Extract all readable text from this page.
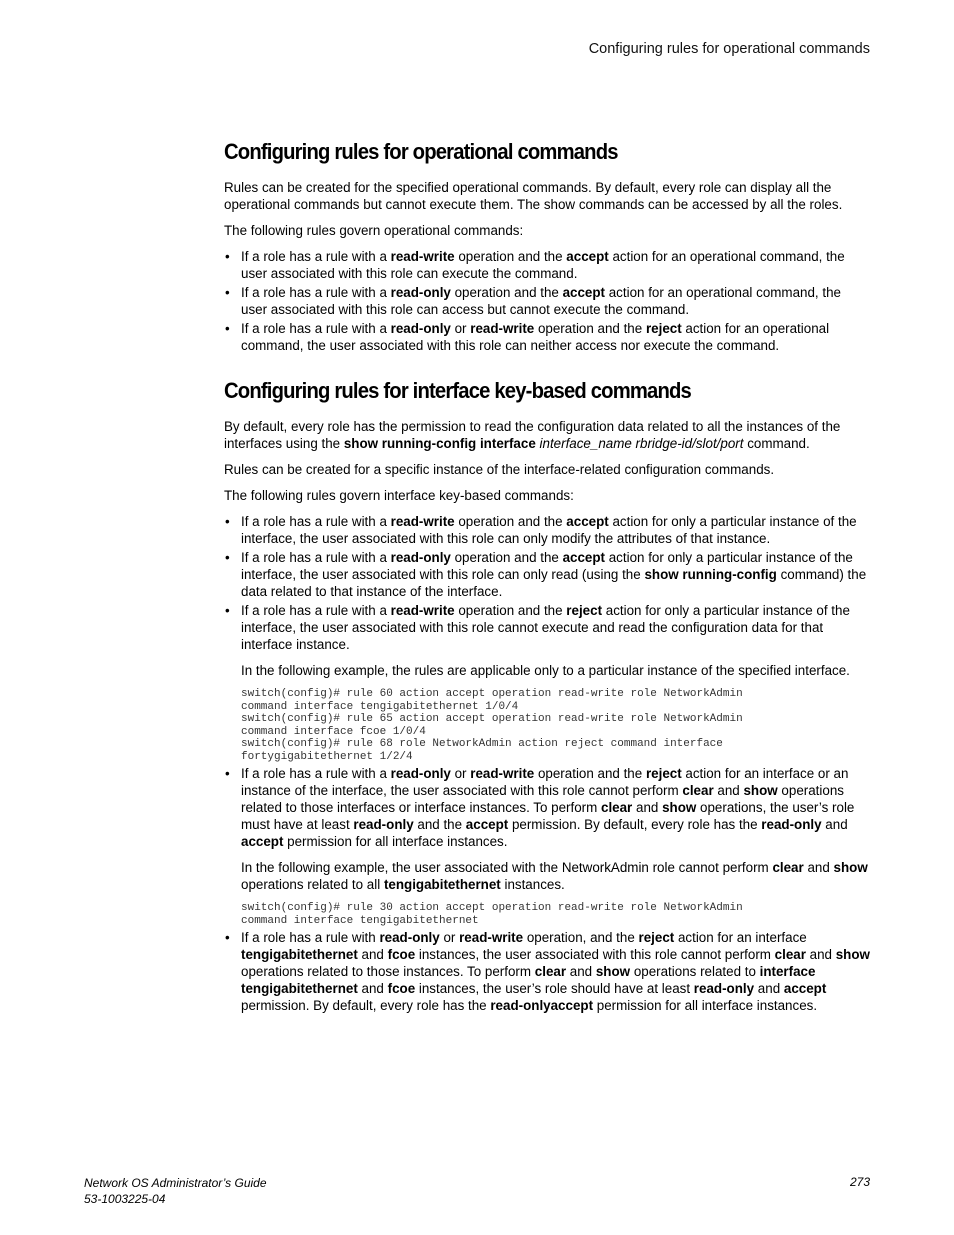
Configuring rules for operational commands
Configuring rules for operational commands

Rules can be created for the specified operational commands. By default, every role can display all the operational commands but cannot execute them. The show commands can be accessed by all the roles.

The following rules govern operational commands:

• If a role has a rule with a read-write operation and the accept action for an operational command, the user associated with this role can execute the command.
• If a role has a rule with a read-only operation and the accept action for an operational command, the user associated with this role can access but cannot execute the command.
• If a role has a rule with a read-only or read-write operation and the reject action for an operational command, the user associated with this role can neither access nor execute the command.
Configuring rules for interface key-based commands

By default, every role has the permission to read the configuration data related to all the instances of the interfaces using the show running-config interface interface_name rbridge-id/slot/port command.

Rules can be created for a specific instance of the interface-related configuration commands.

The following rules govern interface key-based commands:

• If a role has a rule with a read-write operation and the accept action for only a particular instance of the interface, the user associated with this role can only modify the attributes of that instance.
• If a role has a rule with a read-only operation and the accept action for only a particular instance of the interface, the user associated with this role can only read (using the show running-config command) the data related to that instance of the interface.
• If a role has a rule with a read-write operation and the reject action for only a particular instance of the interface, the user associated with this role cannot execute and read the configuration data for that interface instance.

In the following example, the rules are applicable only to a particular instance of the specified interface.

switch(config)# rule 60 action accept operation read-write role NetworkAdmin
command interface tengigabitethernet 1/0/4
switch(config)# rule 65 action accept operation read-write role NetworkAdmin
command interface fcoe 1/0/4
switch(config)# rule 68 role NetworkAdmin action reject command interface
fortygigabitethernet 1/2/4
• If a role has a rule with a read-only or read-write operation and the reject action for an interface or an instance of the interface, the user associated with this role cannot perform clear and show operations related to those interfaces or interface instances. To perform clear and show operations, the user’s role must have at least read-only and the accept permission. By default, every role has the read-only and accept permission for all interface instances.

In the following example, the user associated with the NetworkAdmin role cannot perform clear and show operations related to all tengigabitethernet instances.

switch(config)# rule 30 action accept operation read-write role NetworkAdmin
command interface tengigabitethernet
• If a role has a rule with read-only or read-write operation, and the reject action for an interface tengigabitethernet and fcoe instances, the user associated with this role cannot perform clear and show operations related to those instances. To perform clear and show operations related to interface tengigabitethernet and fcoe instances, the user’s role should have at least read-only and accept permission. By default, every role has the read-onlyaccept permission for all interface instances.
Network OS Administrator’s Guide
53-1003225-04
273
